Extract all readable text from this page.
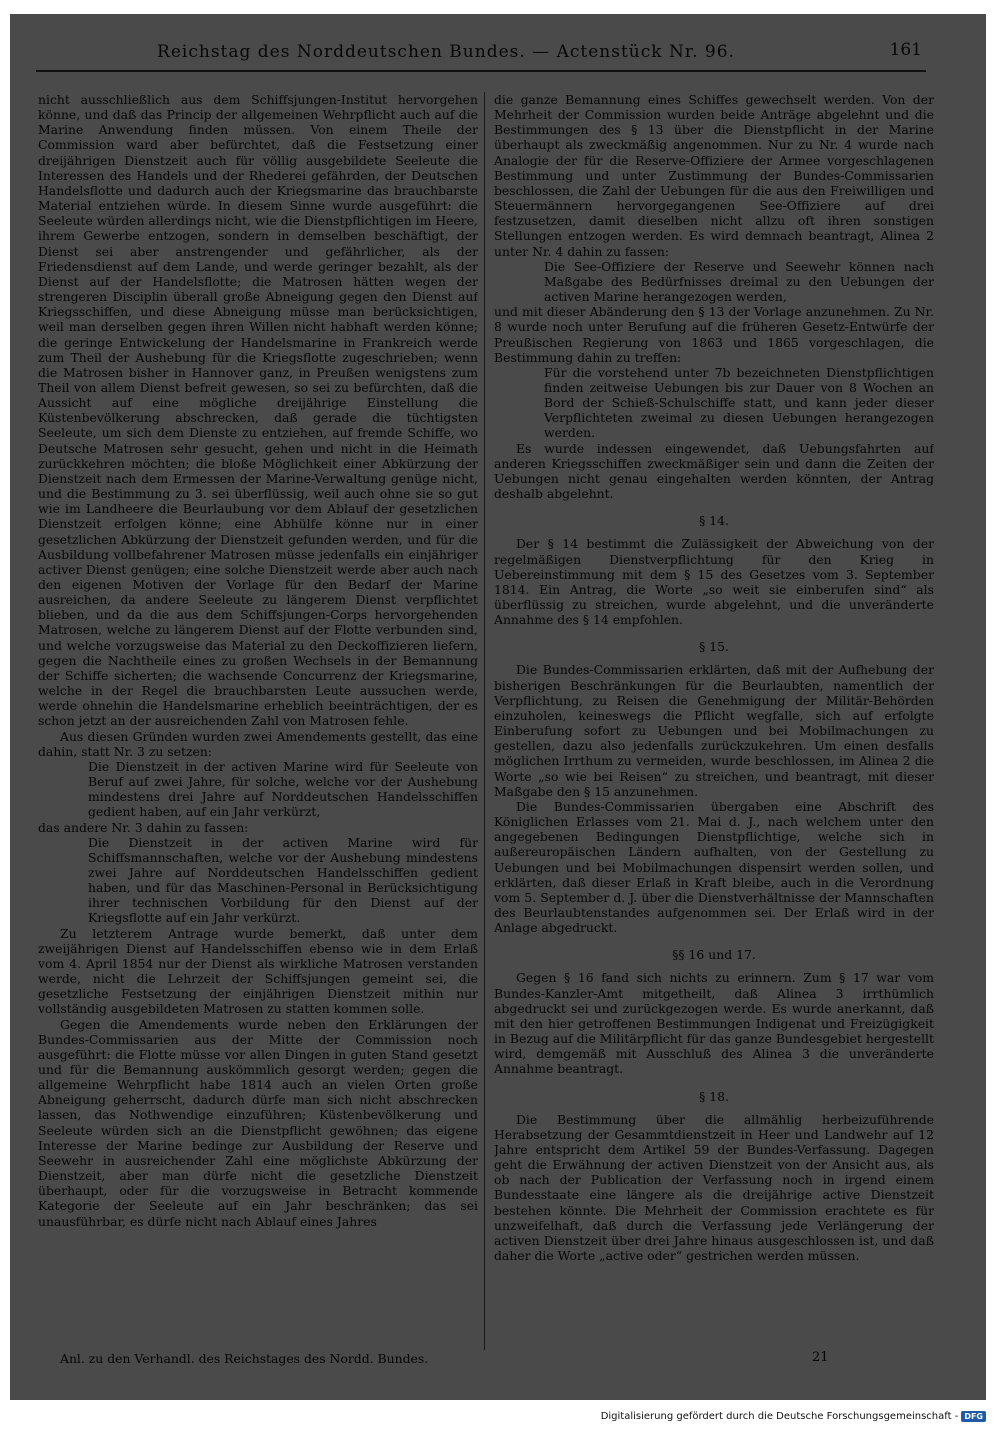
Reichstag des Norddeutschen Bundes. — Actenstück Nr. 96.	161

nicht ausschließlich aus dem Schiffsjungen-Institut hervorgehen könne, und daß das Princip der allgemeinen Wehrpflicht auch auf die Marine Anwendung finden müssen. Von einem Theile der Commission ward aber befürchtet, daß die Festsetzung einer dreijährigen Dienstzeit auch für völlig ausgebildete Seeleute die Interessen des Handels und der Rhederei gefährden, der Deutschen Handelsflotte und dadurch auch der Kriegsmarine das brauchbarste Material entziehen würde. In diesem Sinne wurde ausgeführt: die Seeleute würden allerdings nicht, wie die Dienstpflichtigen im Heere, ihrem Gewerbe entzogen, sondern in demselben beschäftigt, der Dienst sei aber anstrengender und gefährlicher, als der Friedensdienst auf dem Lande, und werde geringer bezahlt, als der Dienst auf der Handelsflotte; die Matrosen hätten wegen der strengeren Disciplin überall große Abneigung gegen den Dienst auf Kriegsschiffen, und diese Abneigung müsse man berücksichtigen, weil man derselben gegen ihren Willen nicht habhaft werden könne; die geringe Entwickelung der Handelsmarine in Frankreich werde zum Theil der Aushebung für die Kriegsflotte zugeschrieben; wenn die Matrosen bisher in Hannover ganz, in Preußen wenigstens zum Theil von allem Dienst befreit gewesen, so sei zu befürchten, daß die Aussicht auf eine mögliche dreijährige Einstellung die Küstenbevölkerung abschrecken, daß gerade die tüchtigsten Seeleute, um sich dem Dienste zu entziehen, auf fremde Schiffe, wo Deutsche Matrosen sehr gesucht, gehen und nicht in die Heimath zurückkehren möchten; die bloße Möglichkeit einer Abkürzung der Dienstzeit nach dem Ermessen der Marine-Verwaltung genüge nicht, und die Bestimmung zu 3. sei überflüssig, weil auch ohne sie so gut wie im Landheere die Beurlaubung vor dem Ablauf der gesetzlichen Dienstzeit erfolgen könne; eine Abhülfe könne nur in einer gesetzlichen Abkürzung der Dienstzeit gefunden werden, und für die Ausbildung vollbefahrener Matrosen müsse jedenfalls ein einjähriger activer Dienst genügen; eine solche Dienstzeit werde aber auch nach den eigenen Motiven der Vorlage für den Bedarf der Marine ausreichen, da andere Seeleute zu längerem Dienst verpflichtet blieben, und da die aus dem Schiffsjungen-Corps hervorgehenden Matrosen, welche zu längerem Dienst auf der Flotte verbunden sind, und welche vorzugsweise das Material zu den Deckoffizieren liefern, gegen die Nachtheile eines zu großen Wechsels in der Bemannung der Schiffe sicherten; die wachsende Concurrenz der Kriegsmarine, welche in der Regel die brauchbarsten Leute aussuchen werde, werde ohnehin die Handelsmarine erheblich beeinträchtigen, der es schon jetzt an der ausreichenden Zahl von Matrosen fehle.

Aus diesen Gründen wurden zwei Amendements gestellt, das eine dahin, statt Nr. 3 zu setzen:

Die Dienstzeit in der activen Marine wird für Seeleute von Beruf auf zwei Jahre, für solche, welche vor der Aushebung mindestens drei Jahre auf Norddeutschen Handelsschiffen gedient haben, auf ein Jahr verkürzt,

das andere Nr. 3 dahin zu fassen:

Die Dienstzeit in der activen Marine wird für Schiffsmannschaften, welche vor der Aushebung mindestens zwei Jahre auf Norddeutschen Handelsschiffen gedient haben, und für das Maschinen-Personal in Berücksichtigung ihrer technischen Vorbildung für den Dienst auf der Kriegsflotte auf ein Jahr verkürzt.

Zu letzterem Antrage wurde bemerkt, daß unter dem zweijährigen Dienst auf Handelsschiffen ebenso wie in dem Erlaß vom 4. April 1854 nur der Dienst als wirkliche Matrosen verstanden werde, nicht die Lehrzeit der Schiffsjungen gemeint sei, die gesetzliche Festsetzung der einjährigen Dienstzeit mithin nur vollständig ausgebildeten Matrosen zu statten kommen solle.

Gegen die Amendements wurde neben den Erklärungen der Bundes-Commissarien aus der Mitte der Commission noch ausgeführt: die Flotte müsse vor allen Dingen in guten Stand gesetzt und für die Bemannung auskömmlich gesorgt werden; gegen die allgemeine Wehrpflicht habe 1814 auch an vielen Orten große Abneigung geherrscht, dadurch dürfe man sich nicht abschrecken lassen, das Nothwendige einzuführen; Küstenbevölkerung und Seeleute würden sich an die Dienstpflicht gewöhnen; das eigene Interesse der Marine bedinge zur Ausbildung der Reserve und Seewehr in ausreichender Zahl eine möglichste Abkürzung der Dienstzeit, aber man dürfe nicht die gesetzliche Dienstzeit überhaupt, oder für die vorzugsweise in Betracht kommende Kategorie der Seeleute auf ein Jahr beschränken; das sei unausführbar, es dürfe nicht nach Ablauf eines Jahres

die ganze Bemannung eines Schiffes gewechselt werden. Von der Mehrheit der Commission wurden beide Anträge abgelehnt und die Bestimmungen des § 13 über die Dienstpflicht in der Marine überhaupt als zweckmäßig angenommen. Nur zu Nr. 4 wurde nach Analogie der für die Reserve-Offiziere der Armee vorgeschlagenen Bestimmung und unter Zustimmung der Bundes-Commissarien beschlossen, die Zahl der Uebungen für die aus den Freiwilligen und Steuermännern hervorgegangenen See-Offiziere auf drei festzusetzen, damit dieselben nicht allzu oft ihren sonstigen Stellungen entzogen werden. Es wird demnach beantragt, Alinea 2 unter Nr. 4 dahin zu fassen:

Die See-Offiziere der Reserve und Seewehr können nach Maßgabe des Bedürfnisses dreimal zu den Uebungen der activen Marine herangezogen werden,

und mit dieser Abänderung den § 13 der Vorlage anzunehmen. Zu Nr. 8 wurde noch unter Berufung auf die früheren Gesetz-Entwürfe der Preußischen Regierung von 1863 und 1865 vorgeschlagen, die Bestimmung dahin zu treffen:

Für die vorstehend unter 7b bezeichneten Dienstpflichtigen finden zeitweise Uebungen bis zur Dauer von 8 Wochen an Bord der Schieß-Schulschiffe statt, und kann jeder dieser Verpflichteten zweimal zu diesen Uebungen herangezogen werden.

Es wurde indessen eingewendet, daß Uebungsfahrten auf anderen Kriegsschiffen zweckmäßiger sein und dann die Zeiten der Uebungen nicht genau eingehalten werden könnten, der Antrag deshalb abgelehnt.

§ 14.

Der § 14 bestimmt die Zulässigkeit der Abweichung von der regelmäßigen Dienstverpflichtung für den Krieg in Uebereinstimmung mit dem § 15 des Gesetzes vom 3. September 1814. Ein Antrag, die Worte „so weit sie einberufen sind“ als überflüssig zu streichen, wurde abgelehnt, und die unveränderte Annahme des § 14 empfohlen.

§ 15.

Die Bundes-Commissarien erklärten, daß mit der Aufhebung der bisherigen Beschränkungen für die Beurlaubten, namentlich der Verpflichtung, zu Reisen die Genehmigung der Militär-Behörden einzuholen, keineswegs die Pflicht wegfalle, sich auf erfolgte Einberufung sofort zu Uebungen und bei Mobilmachungen zu gestellen, dazu also jedenfalls zurückzukehren. Um einen desfalls möglichen Irrthum zu vermeiden, wurde beschlossen, im Alinea 2 die Worte „so wie bei Reisen“ zu streichen, und beantragt, mit dieser Maßgabe den § 15 anzunehmen.

Die Bundes-Commissarien übergaben eine Abschrift des Königlichen Erlasses vom 21. Mai d. J., nach welchem unter den angegebenen Bedingungen Dienstpflichtige, welche sich in außereuropäischen Ländern aufhalten, von der Gestellung zu Uebungen und bei Mobilmachungen dispensirt werden sollen, und erklärten, daß dieser Erlaß in Kraft bleibe, auch in die Verordnung vom 5. September d. J. über die Dienstverhältnisse der Mannschaften des Beurlaubtenstandes aufgenommen sei. Der Erlaß wird in der Anlage abgedruckt.

§§ 16 und 17.

Gegen § 16 fand sich nichts zu erinnern. Zum § 17 war vom Bundes-Kanzler-Amt mitgetheilt, daß Alinea 3 irrthümlich abgedruckt sei und zurückgezogen werde. Es wurde anerkannt, daß mit den hier getroffenen Bestimmungen Indigenat und Freizügigkeit in Bezug auf die Militärpflicht für das ganze Bundesgebiet hergestellt wird, demgemäß mit Ausschluß des Alinea 3 die unveränderte Annahme beantragt.

§ 18.

Die Bestimmung über die allmählig herbeizuführende Herabsetzung der Gesammtdienstzeit in Heer und Landwehr auf 12 Jahre entspricht dem Artikel 59 der Bundes-Verfassung. Dagegen geht die Erwähnung der activen Dienstzeit von der Ansicht aus, als ob nach der Publication der Verfassung noch in irgend einem Bundesstaate eine längere als die dreijährige active Dienstzeit bestehen könnte. Die Mehrheit der Commission erachtete es für unzweifelhaft, daß durch die Verfassung jede Verlängerung der activen Dienstzeit über drei Jahre hinaus ausgeschlossen ist, und daß daher die Worte „active oder“ gestrichen werden müssen.

Anl. zu den Verhandl. des Reichstages des Nordd. Bundes.	21
Digitalisierung gefördert durch die Deutsche Forschungsgemeinschaft - DFG
